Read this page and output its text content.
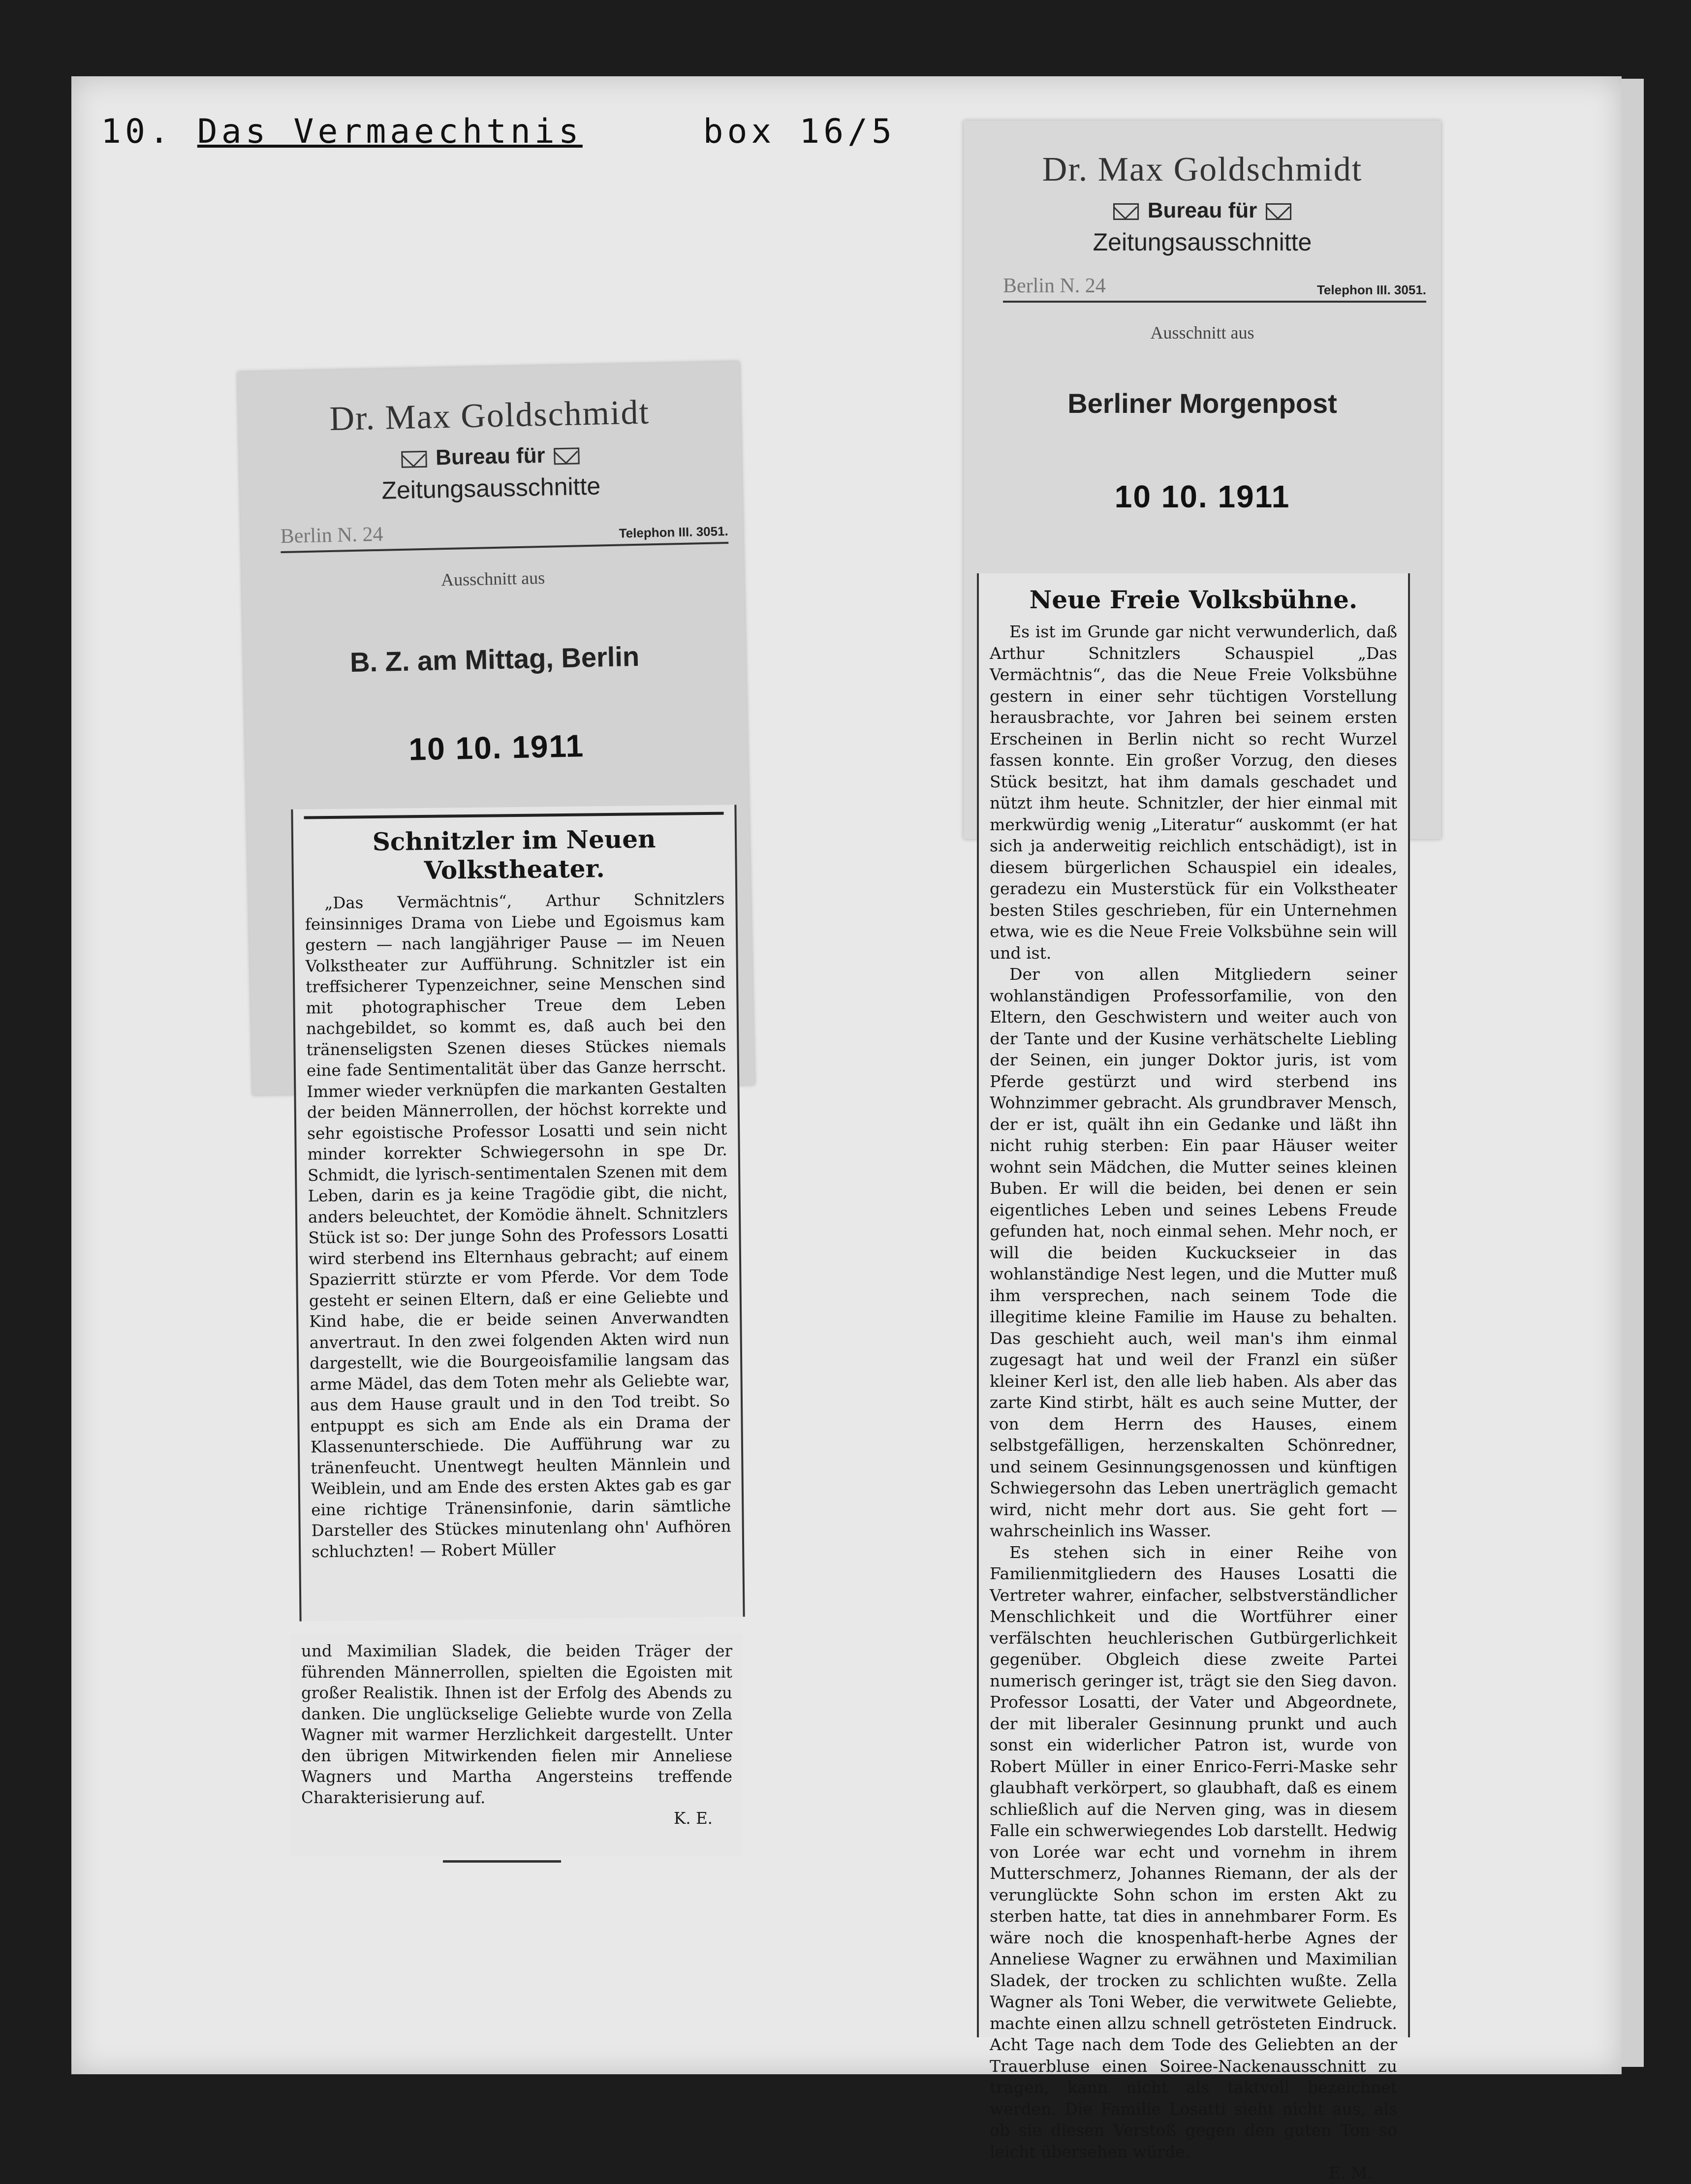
10. Das Vermaechtnis	box 16/5
Dr. Max Goldschmidt
Bureau für
Zeitungsausschnitte
Berlin N. 24	Telephon III. 3051.
Ausschnitt aus
B. Z. am Mittag, Berlin
10 10. 1911
Schnitzler im Neuen Volkstheater.

„Das Vermächtnis“, Arthur Schnitzlers feinsinniges Drama von Liebe und Egoismus kam gestern — nach langjähriger Pause — im Neuen Volkstheater zur Aufführung. Schnitzler ist ein treffsicherer Typenzeichner, seine Menschen sind mit photographischer Treue dem Leben nachgebildet, so kommt es, daß auch bei den tränenseligsten Szenen dieses Stückes niemals eine fade Sentimentalität über das Ganze herrscht. Immer wieder verknüpfen die markanten Gestalten der beiden Männerrollen, der höchst korrekte und sehr egoistische Professor Losatti und sein nicht minder korrekter Schwiegersohn in spe Dr. Schmidt, die lyrisch-sentimentalen Szenen mit dem Leben, darin es ja keine Tragödie gibt, die nicht, anders beleuchtet, der Komödie ähnelt. Schnitzlers Stück ist so: Der junge Sohn des Professors Losatti wird sterbend ins Elternhaus gebracht; auf einem Spazierritt stürzte er vom Pferde. Vor dem Tode gesteht er seinen Eltern, daß er eine Geliebte und Kind habe, die er beide seinen Anverwandten anvertraut. In den zwei folgenden Akten wird nun dargestellt, wie die Bourgeoisfamilie langsam das arme Mädel, das dem Toten mehr als Geliebte war, aus dem Hause grault und in den Tod treibt. So entpuppt es sich am Ende als ein Drama der Klassenunterschiede. Die Aufführung war zu tränenfeucht. Unentwegt heulten Männlein und Weiblein, und am Ende des ersten Aktes gab es gar eine richtige Tränensinfonie, darin sämtliche Darsteller des Stückes minutenlang ohn' Aufhören schluchzten! — Robert Müller

und Maximilian Sladek, die beiden Träger der führenden Männerrollen, spielten die Egoisten mit großer Realistik. Ihnen ist der Erfolg des Abends zu danken. Die unglückselige Geliebte wurde von Zella Wagner mit warmer Herzlichkeit dargestellt. Unter den übrigen Mitwirkenden fielen mir Anneliese Wagners und Martha Angersteins treffende Charakterisierung auf.

K. E.

Dr. Max Goldschmidt
Bureau für
Zeitungsausschnitte
Berlin N. 24	Telephon III. 3051.
Ausschnitt aus
Berliner Morgenpost
10 10. 1911
Neue Freie Volksbühne.

Es ist im Grunde gar nicht verwunderlich, daß Arthur Schnitzlers Schauspiel „Das Vermächtnis“, das die Neue Freie Volksbühne gestern in einer sehr tüchtigen Vorstellung herausbrachte, vor Jahren bei seinem ersten Erscheinen in Berlin nicht so recht Wurzel fassen konnte. Ein großer Vorzug, den dieses Stück besitzt, hat ihm damals geschadet und nützt ihm heute. Schnitzler, der hier einmal mit merkwürdig wenig „Literatur“ auskommt (er hat sich ja anderweitig reichlich entschädigt), ist in diesem bürgerlichen Schauspiel ein ideales, geradezu ein Musterstück für ein Volkstheater besten Stiles geschrieben, für ein Unternehmen etwa, wie es die Neue Freie Volksbühne sein will und ist.

Der von allen Mitgliedern seiner wohlanständigen Professorfamilie, von den Eltern, den Geschwistern und weiter auch von der Tante und der Kusine verhätschelte Liebling der Seinen, ein junger Doktor juris, ist vom Pferde gestürzt und wird sterbend ins Wohnzimmer gebracht. Als grundbraver Mensch, der er ist, quält ihn ein Gedanke und läßt ihn nicht ruhig sterben: Ein paar Häuser weiter wohnt sein Mädchen, die Mutter seines kleinen Buben. Er will die beiden, bei denen er sein eigentliches Leben und seines Lebens Freude gefunden hat, noch einmal sehen. Mehr noch, er will die beiden Kuckuckseier in das wohlanständige Nest legen, und die Mutter muß ihm versprechen, nach seinem Tode die illegitime kleine Familie im Hause zu behalten. Das geschieht auch, weil man's ihm einmal zugesagt hat und weil der Franzl ein süßer kleiner Kerl ist, den alle lieb haben. Als aber das zarte Kind stirbt, hält es auch seine Mutter, der von dem Herrn des Hauses, einem selbstgefälligen, herzenskalten Schönredner, und seinem Gesinnungsgenossen und künftigen Schwiegersohn das Leben unerträglich gemacht wird, nicht mehr dort aus. Sie geht fort — wahrscheinlich ins Wasser.

Es stehen sich in einer Reihe von Familienmitgliedern des Hauses Losatti die Vertreter wahrer, einfacher, selbstverständlicher Menschlichkeit und die Wortführer einer verfälschten heuchlerischen Gutbürgerlichkeit gegenüber. Obgleich diese zweite Partei numerisch geringer ist, trägt sie den Sieg davon. Professor Losatti, der Vater und Abgeordnete, der mit liberaler Gesinnung prunkt und auch sonst ein widerlicher Patron ist, wurde von Robert Müller in einer Enrico-Ferri-Maske sehr glaubhaft verkörpert, so glaubhaft, daß es einem schließlich auf die Nerven ging, was in diesem Falle ein schwerwiegendes Lob darstellt. Hedwig von Lorée war echt und vornehm in ihrem Mutterschmerz, Johannes Riemann, der als der verunglückte Sohn schon im ersten Akt zu sterben hatte, tat dies in annehmbarer Form. Es wäre noch die knospenhaft-herbe Agnes der Anneliese Wagner zu erwähnen und Maximilian Sladek, der trocken zu schlichten wußte. Zella Wagner als Toni Weber, die verwitwete Geliebte, machte einen allzu schnell getrösteten Eindruck. Acht Tage nach dem Tode des Geliebten an der Trauerbluse einen Soiree-Nackenausschnitt zu tragen, kann nicht als taktvoll bezeichnet werden. Die Familie Losatti sieht nicht aus, als ob sie diesen Verstoß gegen den guten Ton so leicht übersehen würde.

E. M.
